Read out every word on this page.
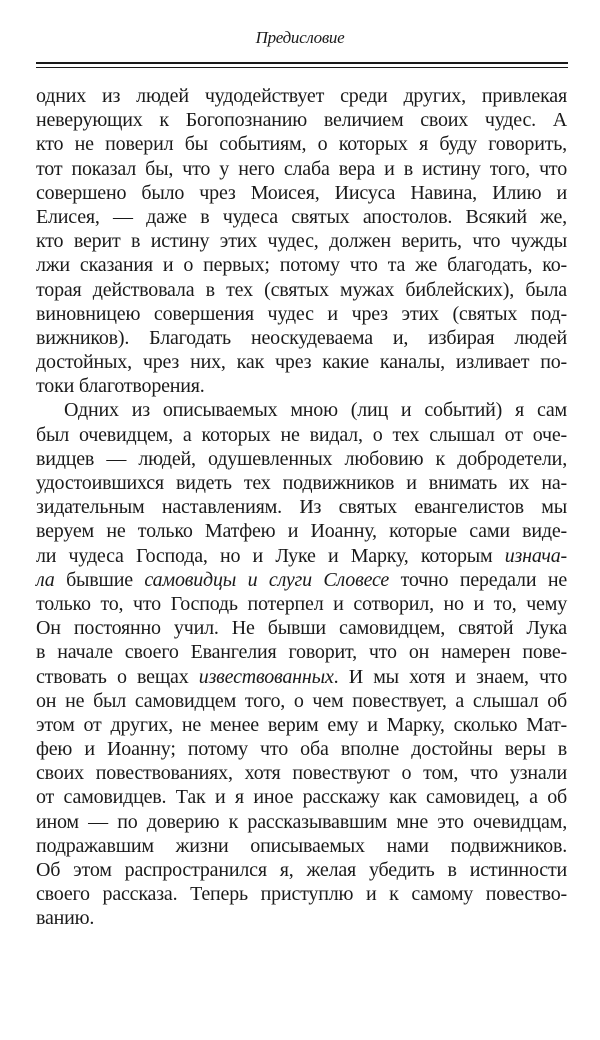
Предисловие
одних из людей чудодействует среди других, привлекая
неверующих к Богопознанию величием своих чудес. А
кто не поверил бы событиям, о которых я буду говорить,
тот показал бы, что у него слаба вера и в истину того, что
совершено было чрез Моисея, Иисуса Навина, Илию и
Елисея, — даже в чудеса святых апостолов. Всякий же,
кто верит в истину этих чудес, должен верить, что чужды
лжи сказания и о первых; потому что та же благодать, ко-
торая действовала в тех (святых мужах библейских), была
виновницею совершения чудес и чрез этих (святых под-
вижников). Благодать неоскудеваема и, избирая людей
достойных, чрез них, как чрез какие каналы, изливает по-
токи благотворения.
Одних из описываемых мною (лиц и событий) я сам
был очевидцем, а которых не видал, о тех слышал от оче-
видцев — людей, одушевленных любовию к добродетели,
удостоившихся видеть тех подвижников и внимать их на-
зидательным наставлениям. Из святых евангелистов мы
веруем не только Матфею и Иоанну, которые сами виде-
ли чудеса Господа, но и Луке и Марку, которым изнача-
ла бывшие самовидцы и слуги Словесе точно передали не
только то, что Господь потерпел и сотворил, но и то, чему
Он постоянно учил. Не бывши самовидцем, святой Лука
в начале своего Евангелия говорит, что он намерен пове-
ствовать о вещах извествованных. И мы хотя и знаем, что
он не был самовидцем того, о чем повествует, а слышал об
этом от других, не менее верим ему и Марку, сколько Мат-
фею и Иоанну; потому что оба вполне достойны веры в
своих повествованиях, хотя повествуют о том, что узнали
от самовидцев. Так и я иное расскажу как самовидец, а об
ином — по доверию к рассказывавшим мне это очевидцам,
подражавшим жизни описываемых нами подвижников.
Об этом распространился я, желая убедить в истинности
своего рассказа. Теперь приступлю и к самому повество-
ванию.
